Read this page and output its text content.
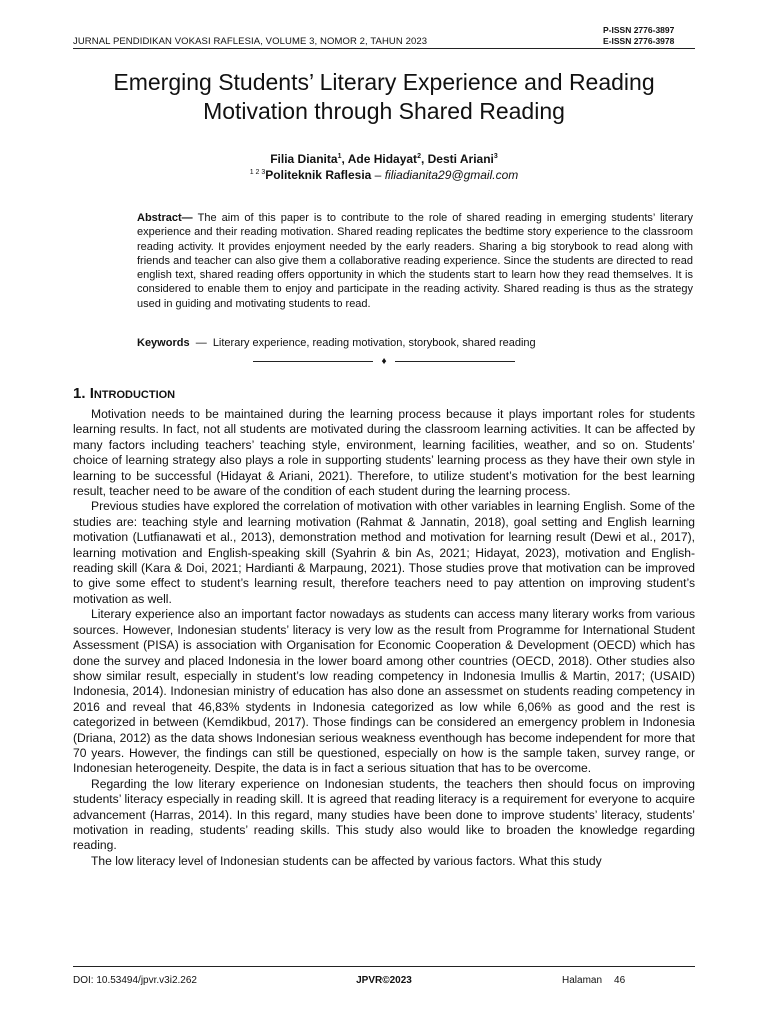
JURNAL PENDIDIKAN VOKASI RAFLESIA, VOLUME 3, NOMOR 2, TAHUN 2023
P-ISSN 2776-3897
E-ISSN 2776-3978
Emerging Students’ Literary Experience and Reading Motivation through Shared Reading
Filia Dianita$^1$, Ade Hidayat$^2$, Desti Ariani$^3$
$^{1 2 3}$Politeknik Raflesia – filiadianita29@gmail.com
Abstract— The aim of this paper is to contribute to the role of shared reading in emerging students’ literary experience and their reading motivation. Shared reading replicates the bedtime story experience to the classroom reading activity. It provides enjoyment needed by the early readers. Sharing a big storybook to read along with friends and teacher can also give them a collaborative reading experience. Since the students are directed to read english text, shared reading offers opportunity in which the students start to learn how they read themselves. It is considered to enable them to enjoy and participate in the reading activity. Shared reading is thus as the strategy used in guiding and motivating students to read.
Keywords  —  Literary experience, reading motivation, storybook, shared reading
♦
1. Introduction

Motivation needs to be maintained during the learning process because it plays important roles for students learning results. In fact, not all students are motivated during the classroom learning activities. It can be affected by many factors including teachers’ teaching style, environment, learning facilities, weather, and so on. Students’ choice of learning strategy also plays a role in supporting students’ learning process as they have their own style in learning to be successful (Hidayat & Ariani, 2021). Therefore, to utilize student’s motivation for the best learning result, teacher need to be aware of the condition of each student during the learning process.

Previous studies have explored the correlation of motivation with other variables in learning English. Some of the studies are: teaching style and learning motivation (Rahmat & Jannatin, 2018), goal setting and English learning motivation (Lutfianawati et al., 2013), demonstration method and motivation for learning result (Dewi et al., 2017), learning motivation and English-speaking skill (Syahrin & bin As, 2021; Hidayat, 2023), motivation and English-reading skill (Kara & Doi, 2021; Hardianti & Marpaung, 2021). Those studies prove that motivation can be improved to give some effect to student’s learning result, therefore teachers need to pay attention on improving student’s motivation as well.

Literary experience also an important factor nowadays as students can access many literary works from various sources. However, Indonesian students’ literacy is very low as the result from Programme for International Student Assessment (PISA) is association with Organisation for Economic Cooperation & Development (OECD) which has done the survey and placed Indonesia in the lower board among other countries (OECD, 2018). Other studies also show similar result, especially in student’s low reading competency in Indonesia Imullis & Martin, 2017; (USAID) Indonesia, 2014). Indonesian ministry of education has also done an assessmet on students reading competency in 2016 and reveal that 46,83% stydents in Indonesia categorized as low while 6,06% as good and the rest is categorized in between (Kemdikbud, 2017). Those findings can be considered an emergency problem in Indonesia (Driana, 2012) as the data shows Indonesian serious weakness eventhough has become independent for more that 70 years. However, the findings can still be questioned, especially on how is the sample taken, survey range, or Indonesian heterogeneity. Despite, the data is in fact a serious situation that has to be overcome.

Regarding the low literary experience on Indonesian students, the teachers then should focus on improving students’ literacy especially in reading skill. It is agreed that reading literacy is a requirement for everyone to acquire advancement (Harras, 2014). In this regard, many studies have been done to improve students’ literacy, students’ motivation in reading, students’ reading skills. This study also would like to broaden the knowledge regarding reading.

The low literacy level of Indonesian students can be affected by various factors. What this study

DOI: 10.53494/jpvr.v3i2.262	JPVR©2023	Halaman 46
